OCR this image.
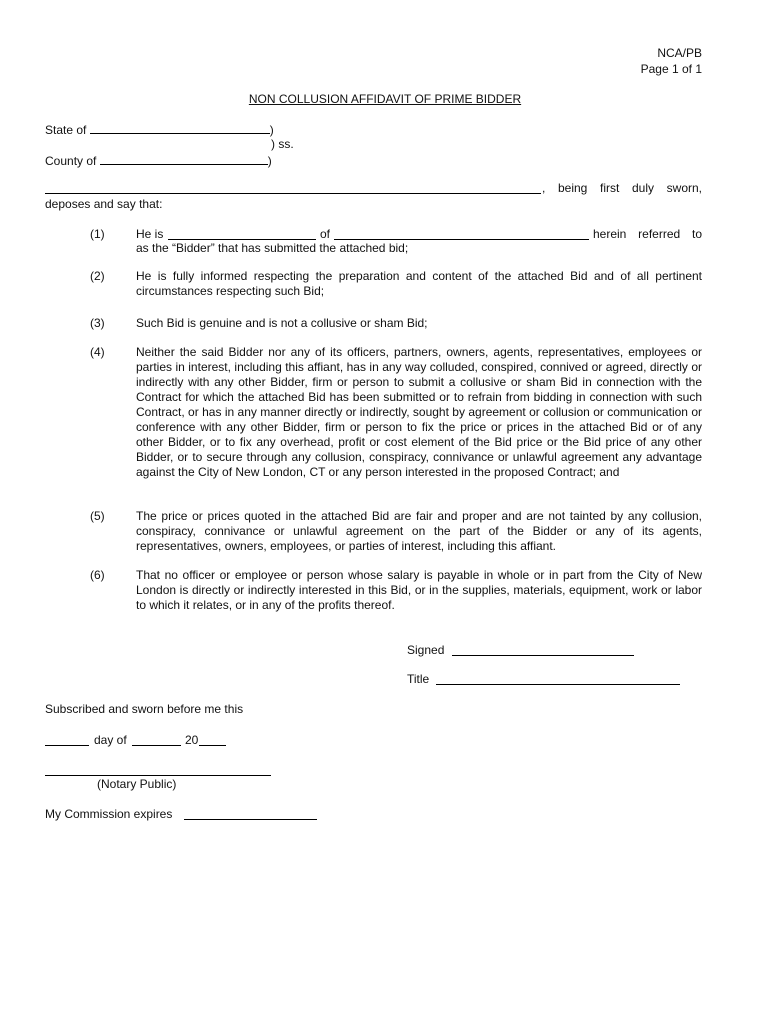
NCA/PB
Page 1 of 1
NON COLLUSION AFFIDAVIT OF PRIME BIDDER
State of	)
) ss.
County of	)
, being first duly sworn,
deposes and say that:
(1)	He is	of	herein referred to
as the “Bidder” that has submitted the attached bid;
(2)	He is fully informed respecting the preparation and content of the attached Bid and of all pertinent circumstances respecting such Bid;
(3)	Such Bid is genuine and is not a collusive or sham Bid;
(4)	Neither the said Bidder nor any of its officers, partners, owners, agents, representatives, employees or parties in interest, including this affiant, has in any way colluded, conspired, connived or agreed, directly or indirectly with any other Bidder, firm or person to submit a collusive or sham Bid in connection with the Contract for which the attached Bid has been submitted or to refrain from bidding in connection with such Contract, or has in any manner directly or indirectly, sought by agreement or collusion or communication or conference with any other Bidder, firm or person to fix the price or prices in the attached Bid or of any other Bidder, or to fix any overhead, profit or cost element of the Bid price or the Bid price of any other Bidder, or to secure through any collusion, conspiracy, connivance or unlawful agreement any advantage against the City of New London, CT or any person interested in the proposed Contract; and
(5)	The price or prices quoted in the attached Bid are fair and proper and are not tainted by any collusion, conspiracy, connivance or unlawful agreement on the part of the Bidder or any of its agents, representatives, owners, employees, or parties of interest, including this affiant.
(6)	That no officer or employee or person whose salary is payable in whole or in part from the City of New London is directly or indirectly interested in this Bid, or in the supplies, materials, equipment, work or labor to which it relates, or in any of the profits thereof.
Signed
Title
Subscribed and sworn before me this
day of	20
(Notary Public)
My Commission expires
